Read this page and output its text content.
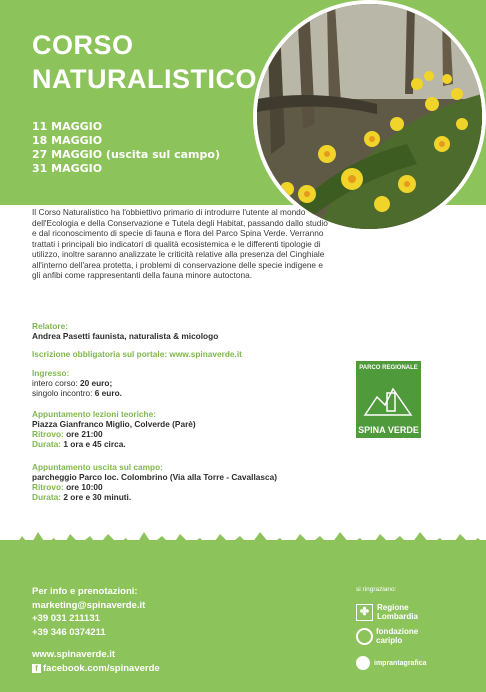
CORSO
NATURALISTICO
11 MAGGIO
18 MAGGIO
27 MAGGIO (uscita sul campo)
31 MAGGIO
Il Corso Naturalistico ha l'obbiettivo primario di introdurre l'utente al mondo dell'Ecologia e della Conservazione e Tutela degli Habitat, passando dallo studio e dal riconoscimento di specie di fauna e flora del Parco Spina Verde. Verranno trattati i principali bio indicatori di qualità ecosistemica e le differenti tipologie di utilizzo, inoltre saranno analizzate le criticità relative alla presenza del Cinghiale all'interno dell'area protetta, i problemi di conservazione delle specie indigene e gli anfibi come rappresentanti della fauna minore autoctona.
Relatore:
Andrea Pasetti faunista, naturalista & micologo
Iscrizione obbligatoria sul portale: www.spinaverde.it
Ingresso:
intero corso: 20 euro;
singolo incontro: 6 euro.
Appuntamento lezioni teoriche:
Piazza Gianfranco Miglio, Colverde (Parè)
Ritrovo: ore 21:00
Durata: 1 ora e 45 circa.
Appuntamento uscita sul campo:
parcheggio Parco loc. Colombrino (Via alla Torre - Cavallasca)
Ritrovo: ore 10:00
Durata: 2 ore e 30 minuti.
PARCO REGIONALE
SPINA VERDE
Per info e prenotazioni:
marketing@spinaverde.it
+39 031 211131
+39 346 0374211
www.spinaverde.it
f facebook.com/spinaverde
si ringraziano:
✤ Regione Lombardia
fondazione cariplo
imprantagrafica
